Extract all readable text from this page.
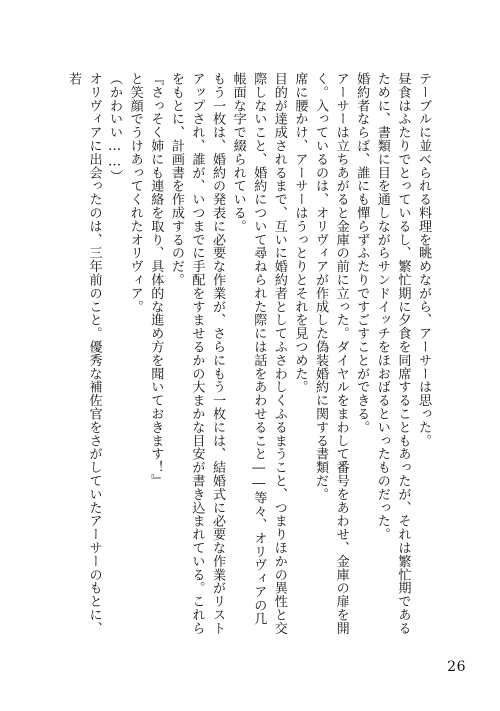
テーブルに並べられる料理を眺めながら、アーサーは思った。

昼食はふたりでとっているし、繁忙期に夕食を同席することもあったが、それは繁忙期であるために、書類に目を通しながらサンドイッチをほおばるといったものだった。

婚約者ならば、誰にも憚らずふたりですごすことができる。

アーサーは立ちあがると金庫の前に立った。ダイヤルをまわして番号をあわせ、金庫の扉を開く。入っているのは、オリヴィアが作成した偽装婚約に関する書類だ。

席に腰かけ、アーサーはうっとりとそれを見つめた。

目的が達成されるまで、互いに婚約者としてふさわしくふるまうこと、つまりほかの異性と交際しないこと、婚約について尋ねられた際には話をあわせること――等々、オリヴィアの几帳面な字で綴られている。

もう一枚は、婚約の発表に必要な作業が、さらにもう一枚には、結婚式に必要な作業がリストアップされ、誰が、いつまでに手配をすませるかの大まかな目安が書き込まれている。これらをもとに、計画書を作成するのだ。

『さっそく姉にも連絡を取り、具体的な進め方を聞いておきます！』

と笑顔でうけあってくれたオリヴィア。

（かわいい……）

オリヴィアに出会ったのは、三年前のこと。優秀な補佐官をさがしていたアーサーのもとに、若

26
